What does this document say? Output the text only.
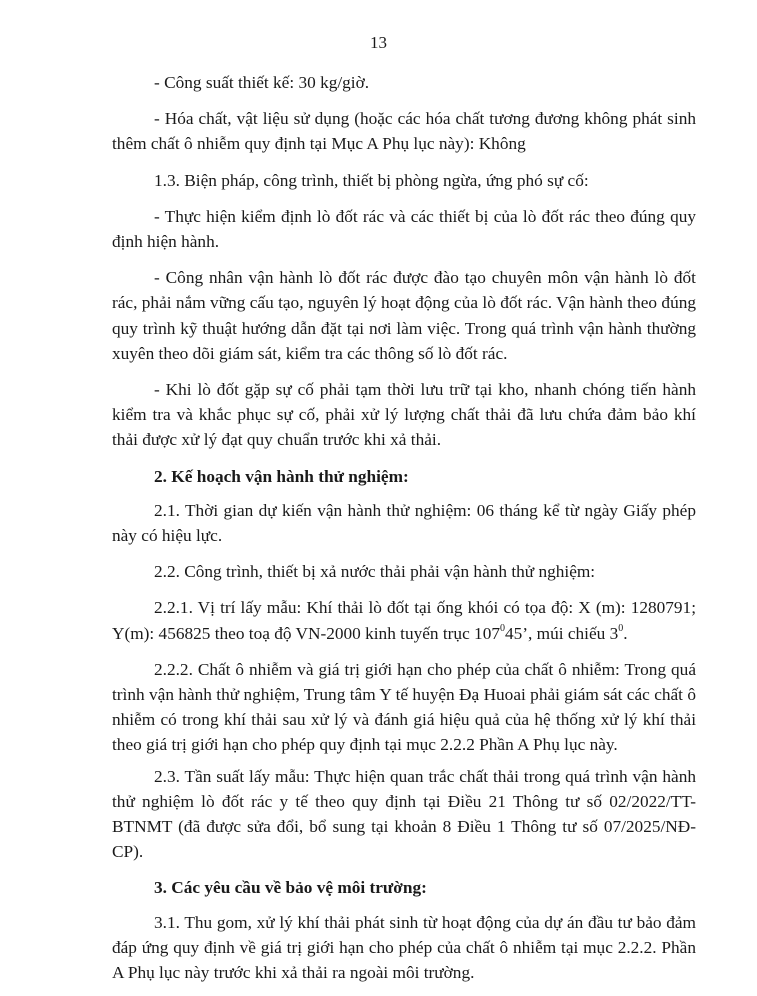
13

- Công suất thiết kế: 30 kg/giờ.

- Hóa chất, vật liệu sử dụng (hoặc các hóa chất tương đương không phát sinh thêm chất ô nhiễm quy định tại Mục A Phụ lục này): Không

1.3. Biện pháp, công trình, thiết bị phòng ngừa, ứng phó sự cố:

- Thực hiện kiểm định lò đốt rác và các thiết bị của lò đốt rác theo đúng quy định hiện hành.

- Công nhân vận hành lò đốt rác được đào tạo chuyên môn vận hành lò đốt rác, phải nắm vững cấu tạo, nguyên lý hoạt động của lò đốt rác. Vận hành theo đúng quy trình kỹ thuật hướng dẫn đặt tại nơi làm việc. Trong quá trình vận hành thường xuyên theo dõi giám sát, kiểm tra các thông số lò đốt rác.

- Khi lò đốt gặp sự cố phải tạm thời lưu trữ tại kho, nhanh chóng tiến hành kiểm tra và khắc phục sự cố, phải xử lý lượng chất thải đã lưu chứa đảm bảo khí thải được xử lý đạt quy chuẩn trước khi xả thải.

2. Kế hoạch vận hành thử nghiệm:

2.1. Thời gian dự kiến vận hành thử nghiệm: 06 tháng kể từ ngày Giấy phép này có hiệu lực.

2.2. Công trình, thiết bị xả nước thải phải vận hành thử nghiệm:

2.2.1. Vị trí lấy mẫu: Khí thải lò đốt tại ống khói có tọa độ: X (m): 1280791; Y(m): 456825 theo toạ độ VN-2000 kinh tuyến trục $107^045$’, múi chiếu $3^0$.

2.2.2. Chất ô nhiễm và giá trị giới hạn cho phép của chất ô nhiễm: Trong quá trình vận hành thử nghiệm, Trung tâm Y tế huyện Đạ Huoai phải giám sát các chất ô nhiễm có trong khí thải sau xử lý và đánh giá hiệu quả của hệ thống xử lý khí thải theo giá trị giới hạn cho phép quy định tại mục 2.2.2 Phần A Phụ lục này.

2.3. Tần suất lấy mẫu: Thực hiện quan trắc chất thải trong quá trình vận hành thử nghiệm lò đốt rác y tế theo quy định tại Điều 21 Thông tư số 02/2022/TT-BTNMT (đã được sửa đổi, bổ sung tại khoản 8 Điều 1 Thông tư số 07/2025/NĐ-CP).

3. Các yêu cầu về bảo vệ môi trường:

3.1. Thu gom, xử lý khí thải phát sinh từ hoạt động của dự án đầu tư bảo đảm đáp ứng quy định về giá trị giới hạn cho phép của chất ô nhiễm tại mục 2.2.2. Phần A Phụ lục này trước khi xả thải ra ngoài môi trường.
